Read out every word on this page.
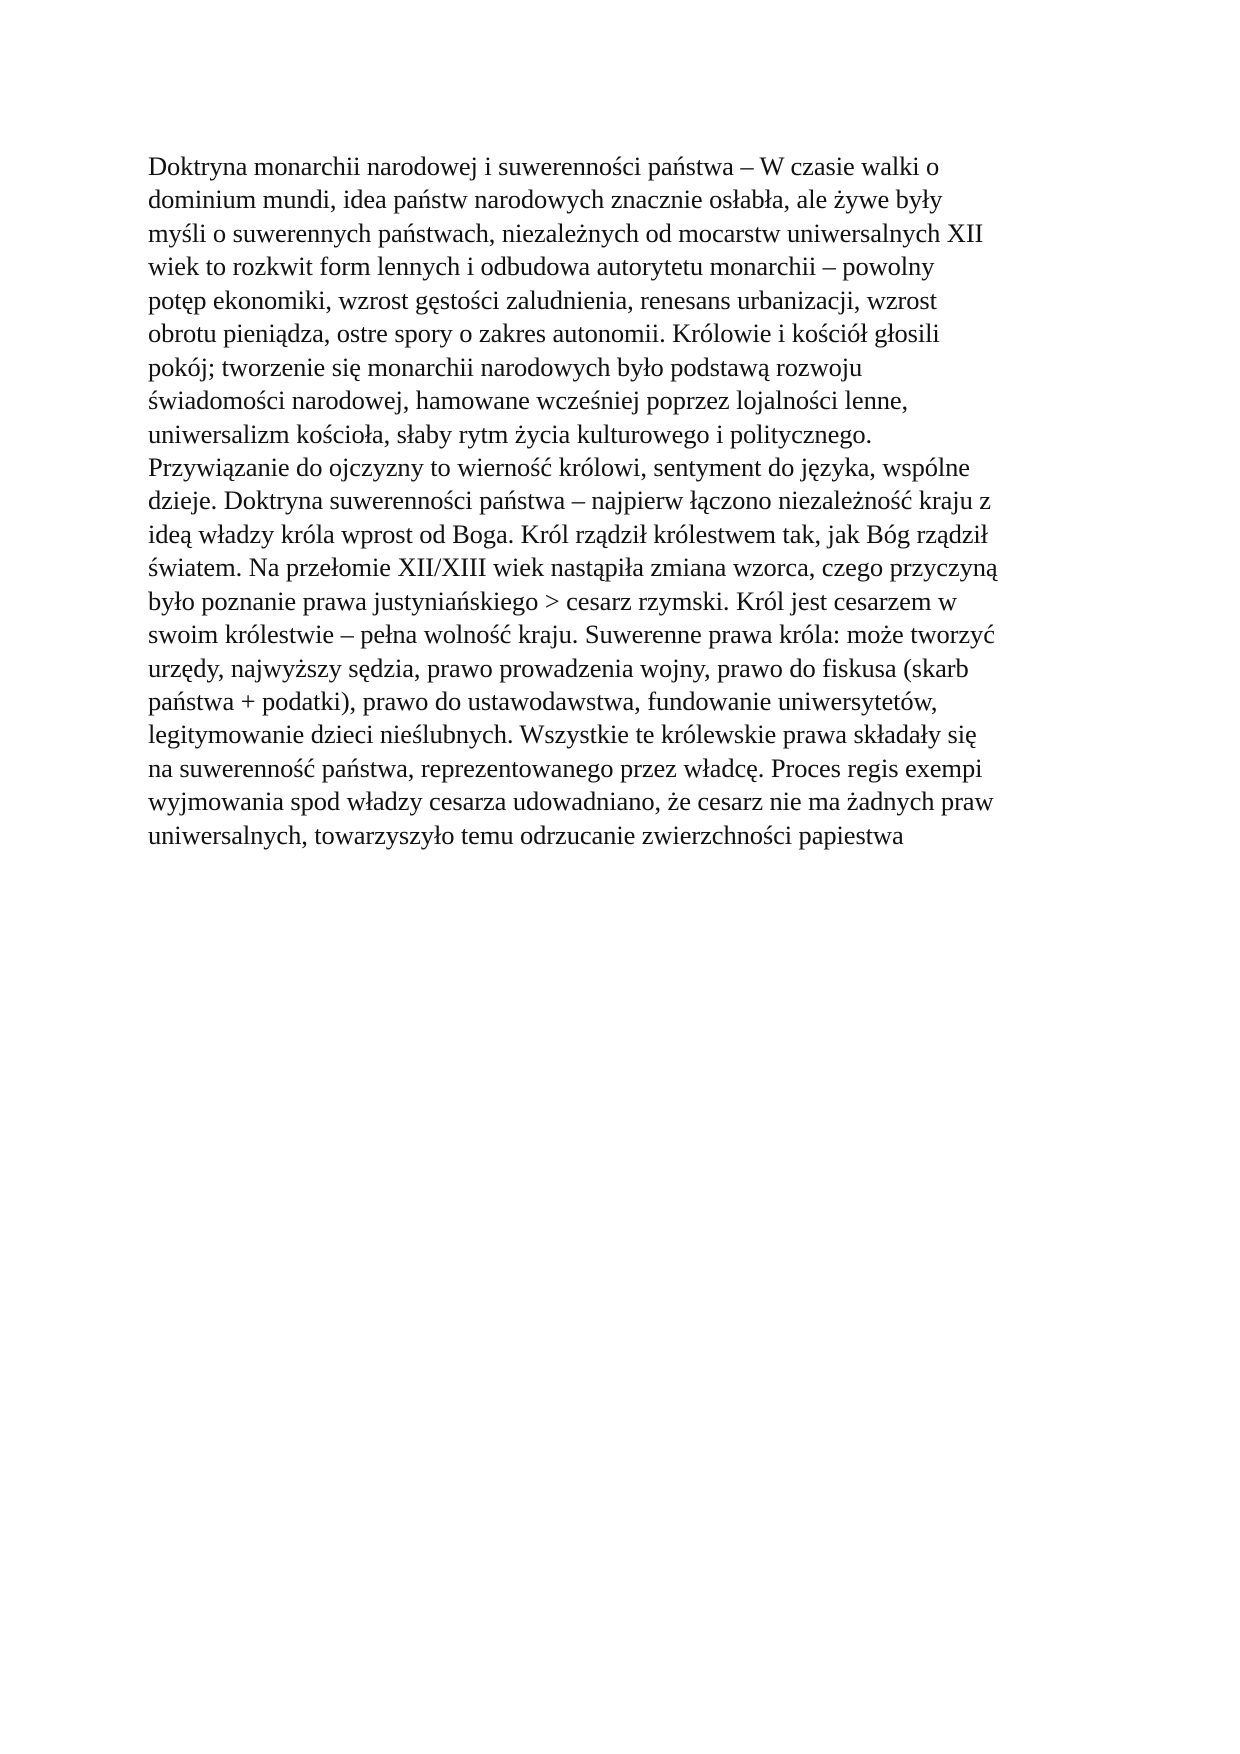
Doktryna monarchii narodowej i suwerenności państwa – W czasie walki o
dominium mundi, idea państw narodowych znacznie osłabła, ale żywe były
myśli o suwerennych państwach, niezależnych od mocarstw uniwersalnych XII
wiek to rozkwit form lennych i odbudowa autorytetu monarchii – powolny
potęp ekonomiki, wzrost gęstości zaludnienia, renesans urbanizacji, wzrost
obrotu pieniądza, ostre spory o zakres autonomii. Królowie i kościół głosili
pokój; tworzenie się monarchii narodowych było podstawą rozwoju
świadomości narodowej, hamowane wcześniej poprzez lojalności lenne,
uniwersalizm kościoła, słaby rytm życia kulturowego i politycznego.
Przywiązanie do ojczyzny to wierność królowi, sentyment do języka, wspólne
dzieje. Doktryna suwerenności państwa – najpierw łączono niezależność kraju z
ideą władzy króla wprost od Boga. Król rządził królestwem tak, jak Bóg rządził
światem. Na przełomie XII/XIII wiek nastąpiła zmiana wzorca, czego przyczyną
było poznanie prawa justyniańskiego > cesarz rzymski. Król jest cesarzem w
swoim królestwie – pełna wolność kraju. Suwerenne prawa króla: może tworzyć
urzędy, najwyższy sędzia, prawo prowadzenia wojny, prawo do fiskusa (skarb
państwa + podatki), prawo do ustawodawstwa, fundowanie uniwersytetów,
legitymowanie dzieci nieślubnych. Wszystkie te królewskie prawa składały się
na suwerenność państwa, reprezentowanego przez władcę. Proces regis exempi
wyjmowania spod władzy cesarza udowadniano, że cesarz nie ma żadnych praw
uniwersalnych, towarzyszyło temu odrzucanie zwierzchności papiestwa
